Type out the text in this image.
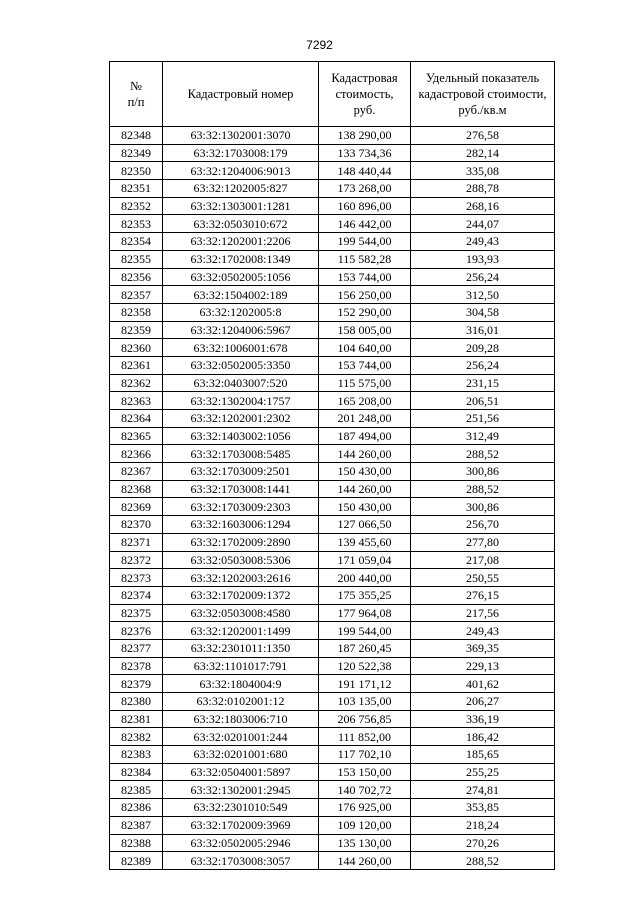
7292
№
п/п	Кадастровый номер	Кадастровая стоимость, руб.	Удельный показатель кадастровой стоимости, руб./кв.м
82348	63:32:1302001:3070	138 290,00	276,58
82349	63:32:1703008:179	133 734,36	282,14
82350	63:32:1204006:9013	148 440,44	335,08
82351	63:32:1202005:827	173 268,00	288,78
82352	63:32:1303001:1281	160 896,00	268,16
82353	63:32:0503010:672	146 442,00	244,07
82354	63:32:1202001:2206	199 544,00	249,43
82355	63:32:1702008:1349	115 582,28	193,93
82356	63:32:0502005:1056	153 744,00	256,24
82357	63:32:1504002:189	156 250,00	312,50
82358	63:32:1202005:8	152 290,00	304,58
82359	63:32:1204006:5967	158 005,00	316,01
82360	63:32:1006001:678	104 640,00	209,28
82361	63:32:0502005:3350	153 744,00	256,24
82362	63:32:0403007:520	115 575,00	231,15
82363	63:32:1302004:1757	165 208,00	206,51
82364	63:32:1202001:2302	201 248,00	251,56
82365	63:32:1403002:1056	187 494,00	312,49
82366	63:32:1703008:5485	144 260,00	288,52
82367	63:32:1703009:2501	150 430,00	300,86
82368	63:32:1703008:1441	144 260,00	288,52
82369	63:32:1703009:2303	150 430,00	300,86
82370	63:32:1603006:1294	127 066,50	256,70
82371	63:32:1702009:2890	139 455,60	277,80
82372	63:32:0503008:5306	171 059,04	217,08
82373	63:32:1202003:2616	200 440,00	250,55
82374	63:32:1702009:1372	175 355,25	276,15
82375	63:32:0503008:4580	177 964,08	217,56
82376	63:32:1202001:1499	199 544,00	249,43
82377	63:32:2301011:1350	187 260,45	369,35
82378	63:32:1101017:791	120 522,38	229,13
82379	63:32:1804004:9	191 171,12	401,62
82380	63:32:0102001:12	103 135,00	206,27
82381	63:32:1803006:710	206 756,85	336,19
82382	63:32:0201001:244	111 852,00	186,42
82383	63:32:0201001:680	117 702,10	185,65
82384	63:32:0504001:5897	153 150,00	255,25
82385	63:32:1302001:2945	140 702,72	274,81
82386	63:32:2301010:549	176 925,00	353,85
82387	63:32:1702009:3969	109 120,00	218,24
82388	63:32:0502005:2946	135 130,00	270,26
82389	63:32:1703008:3057	144 260,00	288,52
